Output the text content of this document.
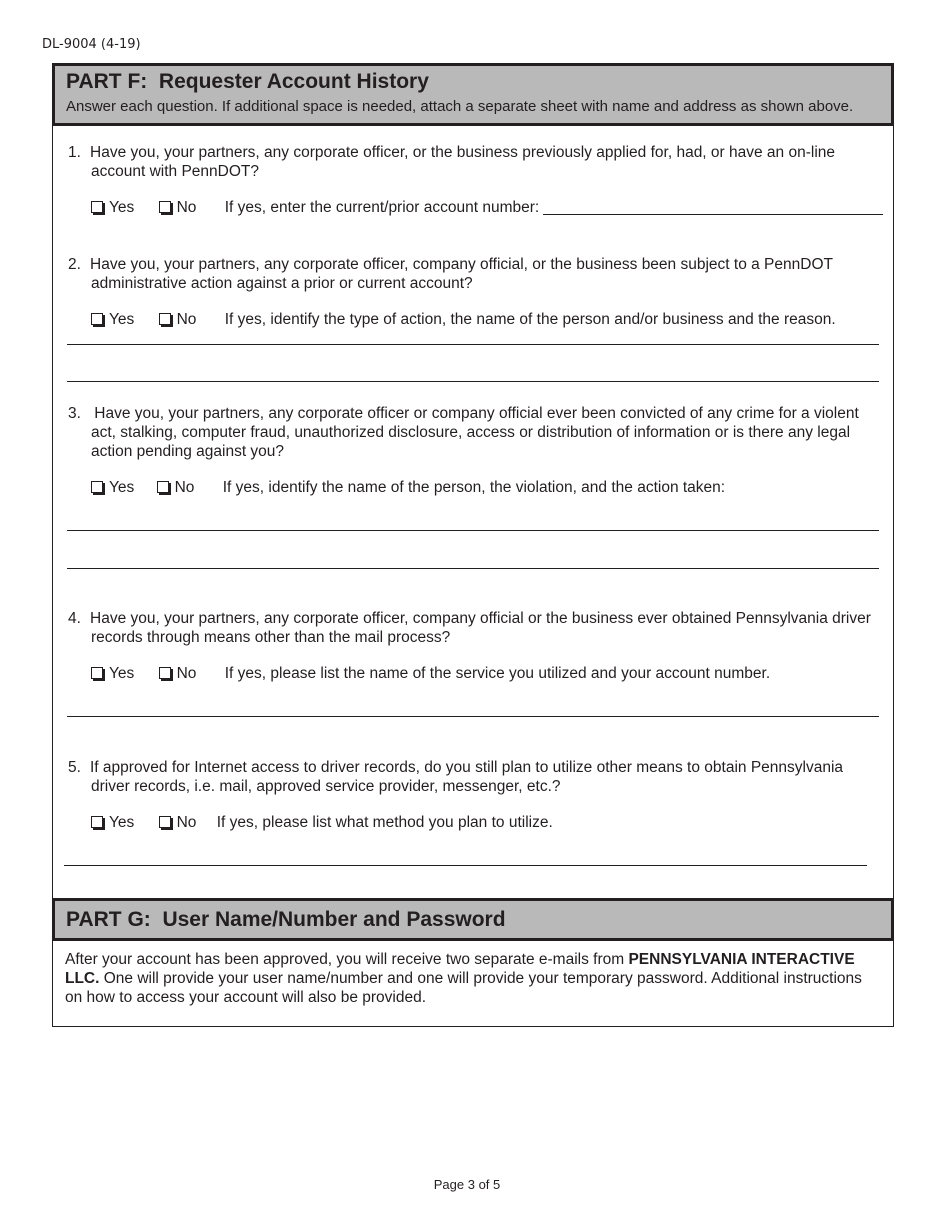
DL-9004 (4-19)
PART F:  Requester Account History
Answer each question. If additional space is needed, attach a separate sheet with name and address as shown above.
1. Have you, your partners, any corporate officer, or the business previously applied for, had, or have an on-line
account with PennDOT?
Yes	No If yes, enter the current/prior account number:
2. Have you, your partners, any corporate officer, company official, or the business been subject to a PennDOT
administrative action against a prior or current account?
Yes	No If yes, identify the type of action, the name of the person and/or business and the reason.
3. Have you, your partners, any corporate officer or company official ever been convicted of any crime for a violent
act, stalking, computer fraud, unauthorized disclosure, access or distribution of information or is there any legal
action pending against you?
Yes	No If yes, identify the name of the person, the violation, and the action taken:
4. Have you, your partners, any corporate officer, company official or the business ever obtained Pennsylvania driver
records through means other than the mail process?
Yes	No If yes, please list the name of the service you utilized and your account number.
5. If approved for Internet access to driver records, do you still plan to utilize other means to obtain Pennsylvania
driver records, i.e. mail, approved service provider, messenger, etc.?
Yes	No If yes, please list what method you plan to utilize.
PART G:  User Name/Number and Password
After your account has been approved, you will receive two separate e-mails from PENNSYLVANIA INTERACTIVE LLC. One will provide your user name/number and one will provide your temporary password. Additional instructions on how to access your account will also be provided.
Page 3 of 5
